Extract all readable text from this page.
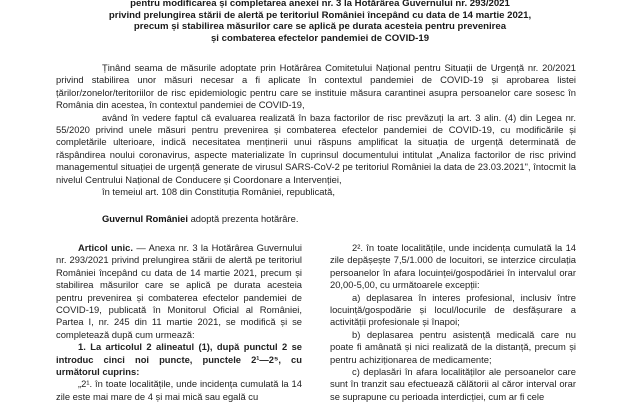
pentru modificarea și completarea anexei nr. 3 la Hotărârea Guvernului nr. 293/2021
privind prelungirea stării de alertă pe teritoriul României începând cu data de 14 martie 2021,
precum și stabilirea măsurilor care se aplică pe durata acesteia pentru prevenirea
și combaterea efectelor pandemiei de COVID-19

Ținând seama de măsurile adoptate prin Hotărârea Comitetului Național pentru Situații de Urgență nr. 20/2021 privind stabilirea unor măsuri necesar a fi aplicate în contextul pandemiei de COVID-19 și aprobarea listei țărilor/zonelor/teritoriilor de risc epidemiologic pentru care se instituie măsura carantinei asupra persoanelor care sosesc în România din acestea, în contextul pandemiei de COVID-19,

având în vedere faptul că evaluarea realizată în baza factorilor de risc prevăzuți la art. 3 alin. (4) din Legea nr. 55/2020 privind unele măsuri pentru prevenirea și combaterea efectelor pandemiei de COVID-19, cu modificările și completările ulterioare, indică necesitatea menținerii unui răspuns amplificat la situația de urgență determinată de răspândirea noului coronavirus, aspecte materializate în cuprinsul documentului intitulat „Analiza factorilor de risc privind managementul situației de urgență generate de virusul SARS-CoV-2 pe teritoriul României la data de 23.03.2021", întocmit la nivelul Centrului Național de Conducere și Coordonare a Intervenției,

în temeiul art. 108 din Constituția României, republicată,

Guvernul României adoptă prezenta hotărâre.

Articol unic. — Anexa nr. 3 la Hotărârea Guvernului nr. 293/2021 privind prelungirea stării de alertă pe teritoriul României începând cu data de 14 martie 2021, precum și stabilirea măsurilor care se aplică pe durata acesteia pentru prevenirea și combaterea efectelor pandemiei de COVID-19, publicată în Monitorul Oficial al României, Partea I, nr. 245 din 11 martie 2021, se modifică și se completează după cum urmează:

1. La articolul 2 alineatul (1), după punctul 2 se introduc cinci noi puncte, punctele 2¹—2⁵, cu următorul cuprins:

„2¹. în toate localitățile, unde incidența cumulată la 14 zile este mai mare de 4 și mai mică sau egală cu

2². în toate localitățile, unde incidența cumulată la 14 zile depășește 7,5/1.000 de locuitori, se interzice circulația persoanelor în afara locuinței/gospodăriei în intervalul orar 20,00-5,00, cu următoarele excepții:

a) deplasarea în interes profesional, inclusiv între locuință/gospodărie și locul/locurile de desfășurare a activității profesionale și înapoi;

b) deplasarea pentru asistență medicală care nu poate fi amânată și nici realizată de la distanță, precum și pentru achiziționarea de medicamente;

c) deplasări în afara localităților ale persoanelor care sunt în tranzit sau efectuează călătorii al căror interval orar se suprapune cu perioada interdicției, cum ar fi cele
